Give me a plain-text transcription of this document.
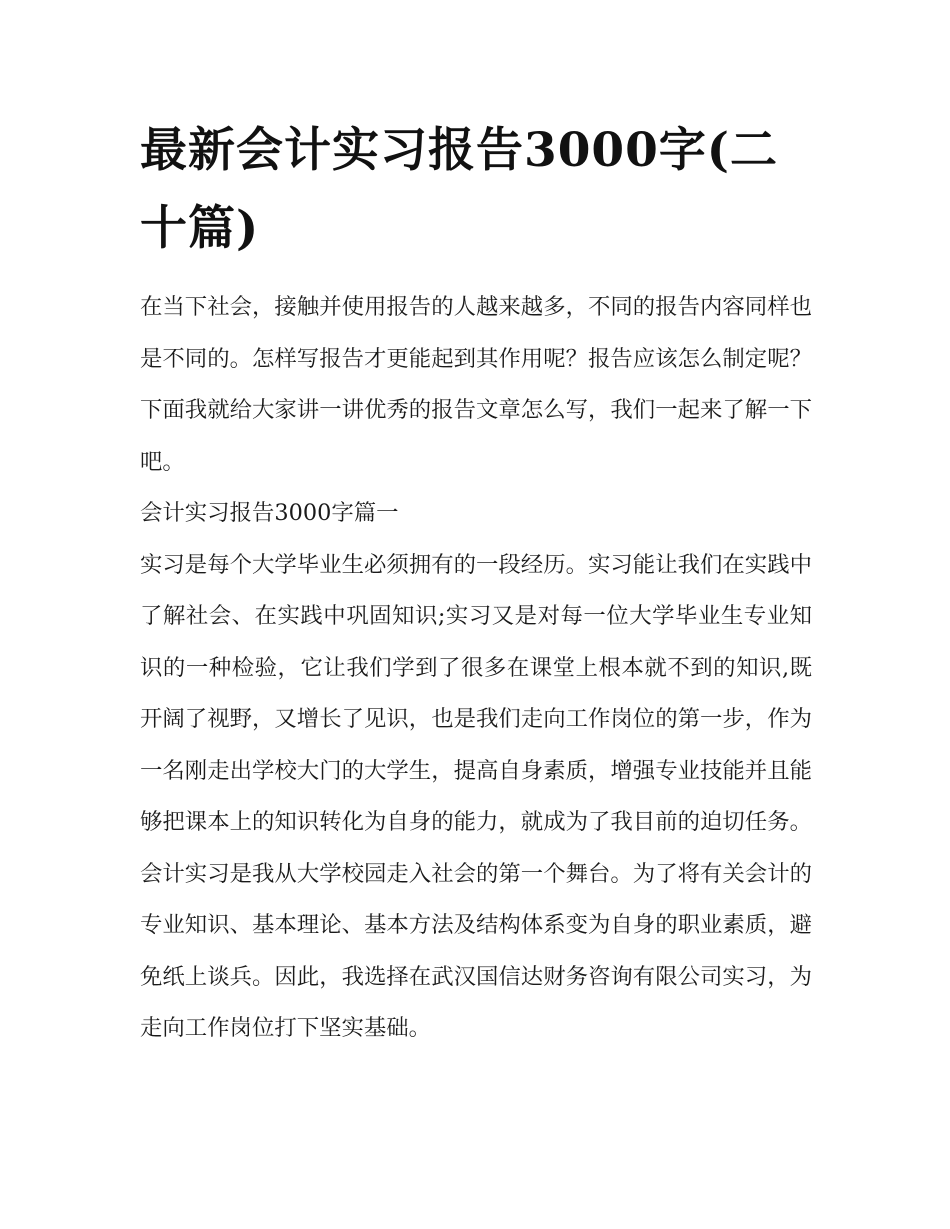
最新会计实习报告3000字(二十篇)

在当下社会，接触并使用报告的人越来越多，不同的报告内容同样也是不同的。怎样写报告才更能起到其作用呢？报告应该怎么制定呢？下面我就给大家讲一讲优秀的报告文章怎么写，我们一起来了解一下吧。

会计实习报告3000字篇一

实习是每个大学毕业生必须拥有的一段经历。实习能让我们在实践中了解社会、在实践中巩固知识;实习又是对每一位大学毕业生专业知识的一种检验，它让我们学到了很多在课堂上根本就不到的知识,既开阔了视野，又增长了见识，也是我们走向工作岗位的第一步，作为一名刚走出学校大门的大学生，提高自身素质，增强专业技能并且能够把课本上的知识转化为自身的能力，就成为了我目前的迫切任务。会计实习是我从大学校园走入社会的第一个舞台。为了将有关会计的专业知识、基本理论、基本方法及结构体系变为自身的职业素质，避免纸上谈兵。因此，我选择在武汉国信达财务咨询有限公司实习，为走向工作岗位打下坚实基础。
